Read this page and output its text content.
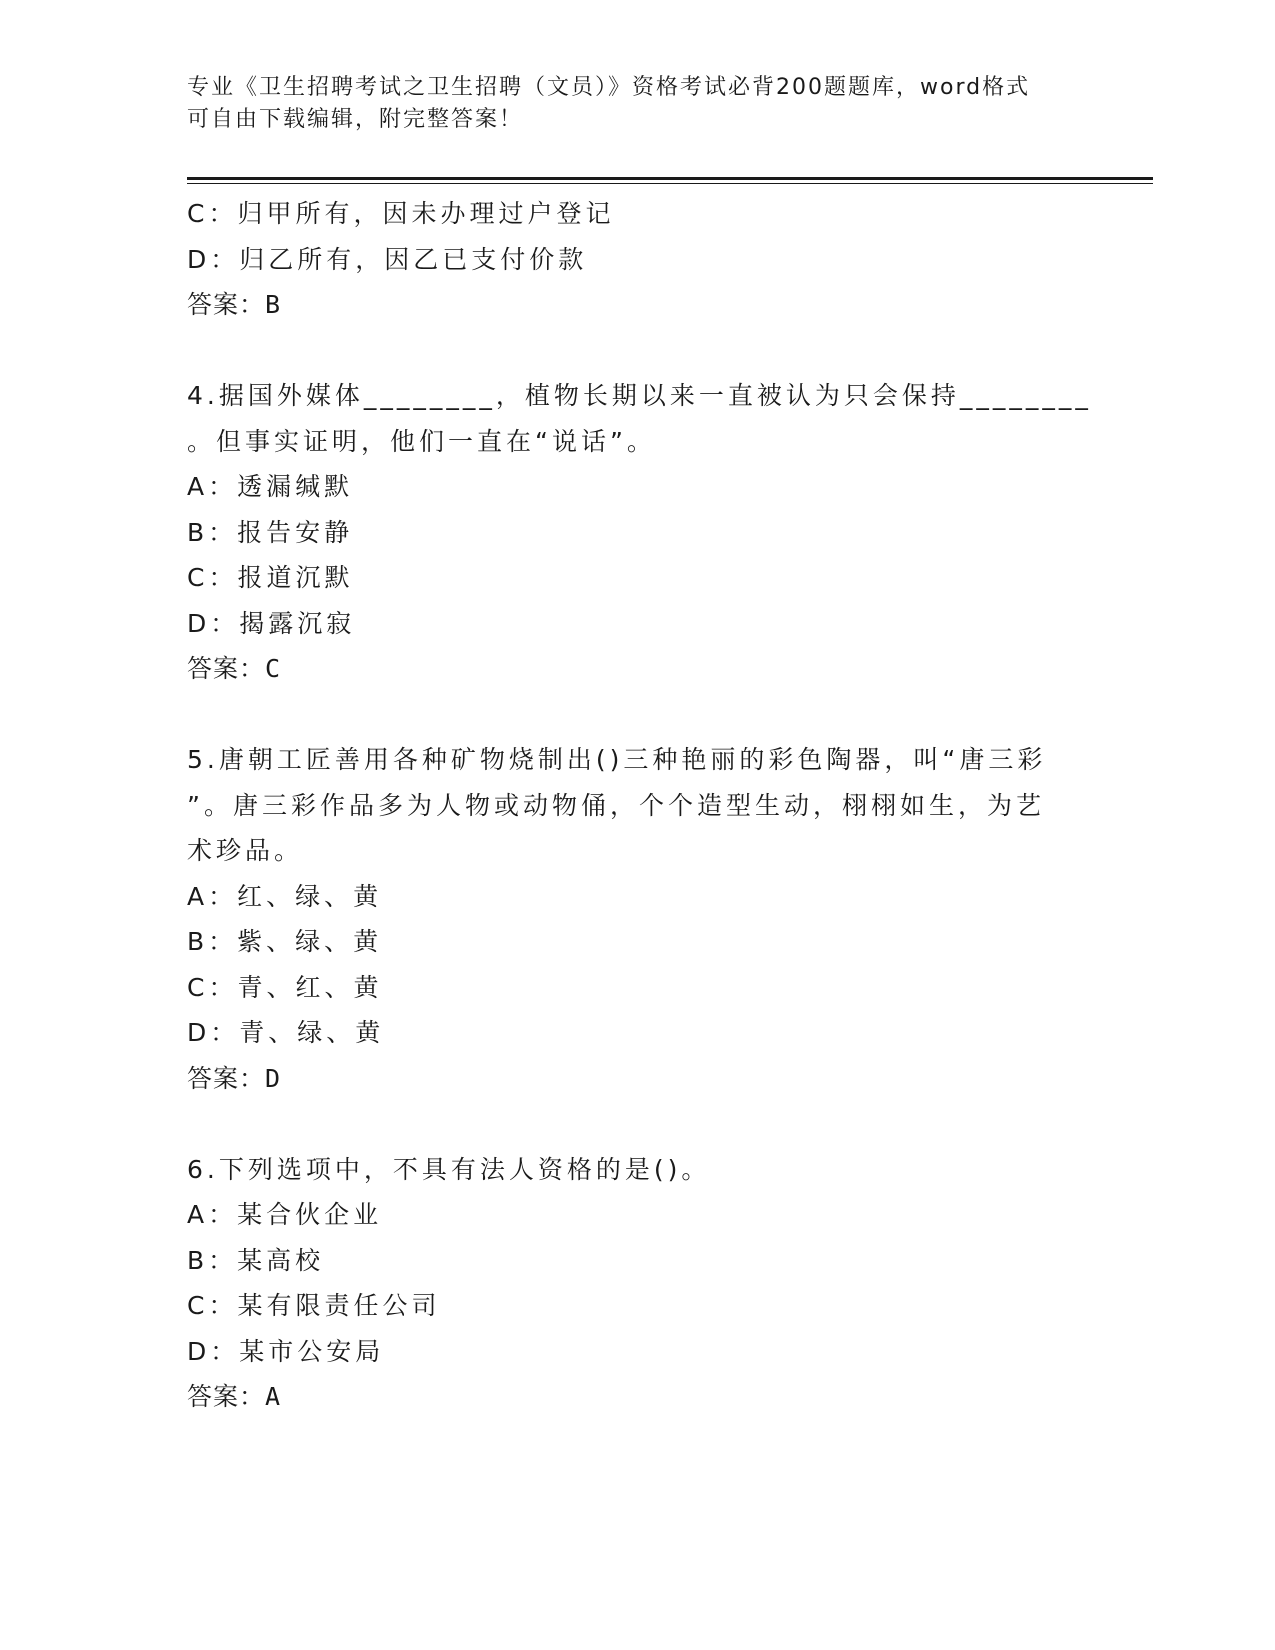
专业《卫生招聘考试之卫生招聘（文员）》资格考试必背200题题库，word格式
可自由下载编辑，附完整答案！
C：归甲所有，因未办理过户登记
D：归乙所有，因乙已支付价款
答案：B
4.据国外媒体________，植物长期以来一直被认为只会保持________
。但事实证明，他们一直在“说话”。
A：透漏缄默
B：报告安静
C：报道沉默
D：揭露沉寂
答案：C
5.唐朝工匠善用各种矿物烧制出()三种艳丽的彩色陶器，叫“唐三彩
”。唐三彩作品多为人物或动物俑，个个造型生动，栩栩如生，为艺
术珍品。
A：红、绿、黄
B：紫、绿、黄
C：青、红、黄
D：青、绿、黄
答案：D
6.下列选项中，不具有法人资格的是()。
A：某合伙企业
B：某高校
C：某有限责任公司
D：某市公安局
答案：A
